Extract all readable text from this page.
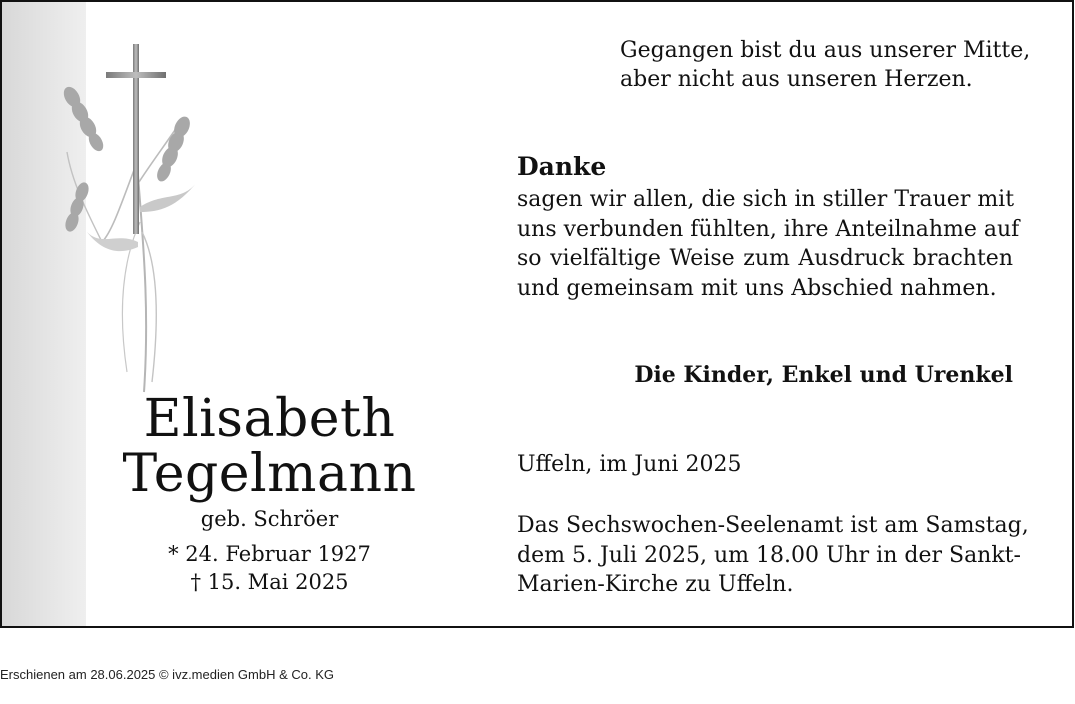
Elisabeth
Tegelmann
geb. Schröer
* 24. Februar 1927
† 15. Mai 2025
Gegangen bist du aus unserer Mitte,
aber nicht aus unseren Herzen.
Danke
sagen wir allen, die sich in stiller Trauer mit
uns verbunden fühlten, ihre Anteilnahme auf
so vielfältige Weise zum Ausdruck brachten
und gemeinsam mit uns Abschied nahmen.
Die Kinder, Enkel und Urenkel
Uffeln, im Juni 2025
Das Sechswochen-Seelenamt ist am Samstag,
dem 5. Juli 2025, um 18.00 Uhr in der Sankt-
Marien-Kirche zu Uffeln.
Erschienen am 28.06.2025 © ivz.medien GmbH & Co. KG
